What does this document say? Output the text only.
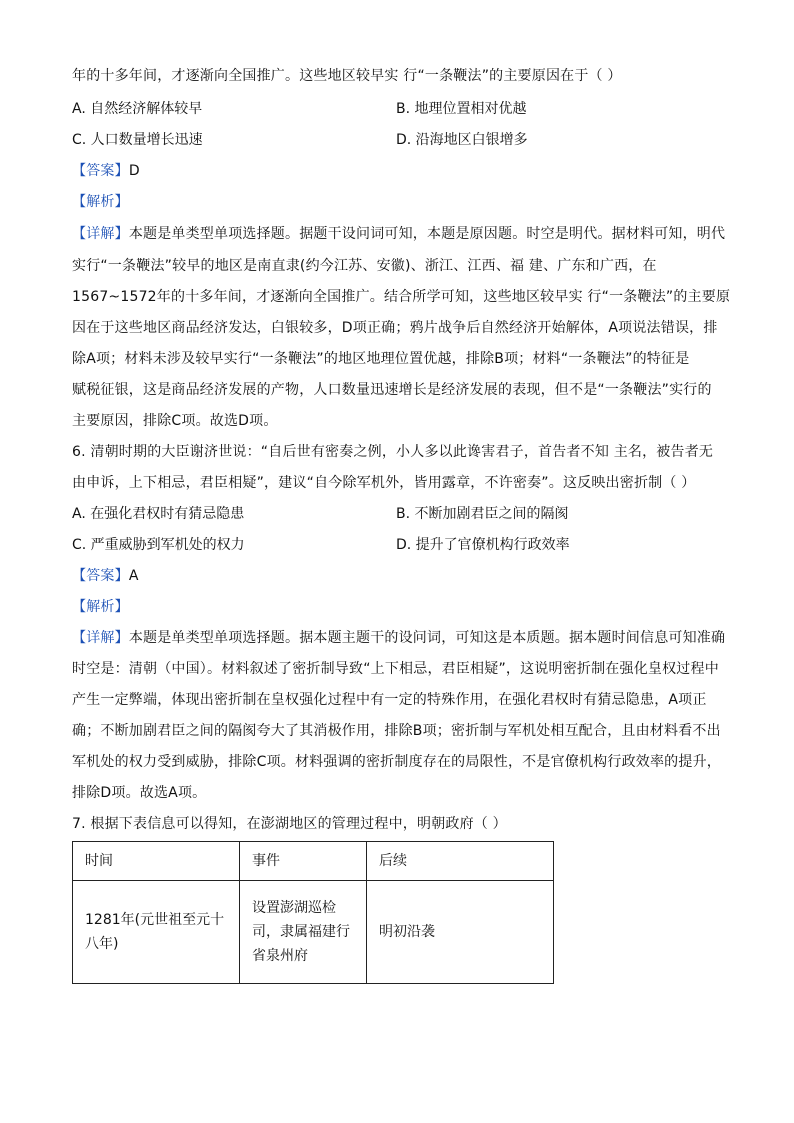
年的十多年间，才逐渐向全国推广。这些地区较早实 行“一条鞭法”的主要原因在于（ ）
A. 自然经济解体较早	B. 地理位置相对优越
C. 人口数量增长迅速	D. 沿海地区白银增多
【答案】D
【解析】
【详解】本题是单类型单项选择题。据题干设问词可知，本题是原因题。时空是明代。据材料可知，明代
实行“一条鞭法”较早的地区是南直隶(约今江苏、安徽)、浙江、江西、福 建、广东和广西，在
1567~1572年的十多年间，才逐渐向全国推广。结合所学可知，这些地区较早实 行“一条鞭法”的主要原
因在于这些地区商品经济发达，白银较多，D项正确；鸦片战争后自然经济开始解体，A项说法错误，排
除A项；材料未涉及较早实行“一条鞭法”的地区地理位置优越，排除B项；材料“一条鞭法”的特征是
赋税征银，这是商品经济发展的产物，人口数量迅速增长是经济发展的表现，但不是“一条鞭法”实行的
主要原因，排除C项。故选D项。
6. 清朝时期的大臣谢济世说：“自后世有密奏之例，小人多以此谗害君子，首告者不知 主名，被告者无
由申诉，上下相忌，君臣相疑”，建议“自今除军机外，皆用露章，不许密奏”。这反映出密折制（ ）
A. 在强化君权时有猜忌隐患	B. 不断加剧君臣之间的隔阂
C. 严重威胁到军机处的权力	D. 提升了官僚机构行政效率
【答案】A
【解析】
【详解】本题是单类型单项选择题。据本题主题干的设问词，可知这是本质题。据本题时间信息可知准确
时空是：清朝（中国）。材料叙述了密折制导致“上下相忌，君臣相疑”，这说明密折制在强化皇权过程中
产生一定弊端，体现出密折制在皇权强化过程中有一定的特殊作用，在强化君权时有猜忌隐患，A项正
确；不断加剧君臣之间的隔阂夸大了其消极作用，排除B项；密折制与军机处相互配合，且由材料看不出
军机处的权力受到威胁，排除C项。材料强调的密折制度存在的局限性，不是官僚机构行政效率的提升，
排除D项。故选A项。
7. 根据下表信息可以得知，在澎湖地区的管理过程中，明朝政府（ ）
时间	事件	后续
1281年(元世祖至元十八年)	设置澎湖巡检司，隶属福建行省泉州府	明初沿袭
